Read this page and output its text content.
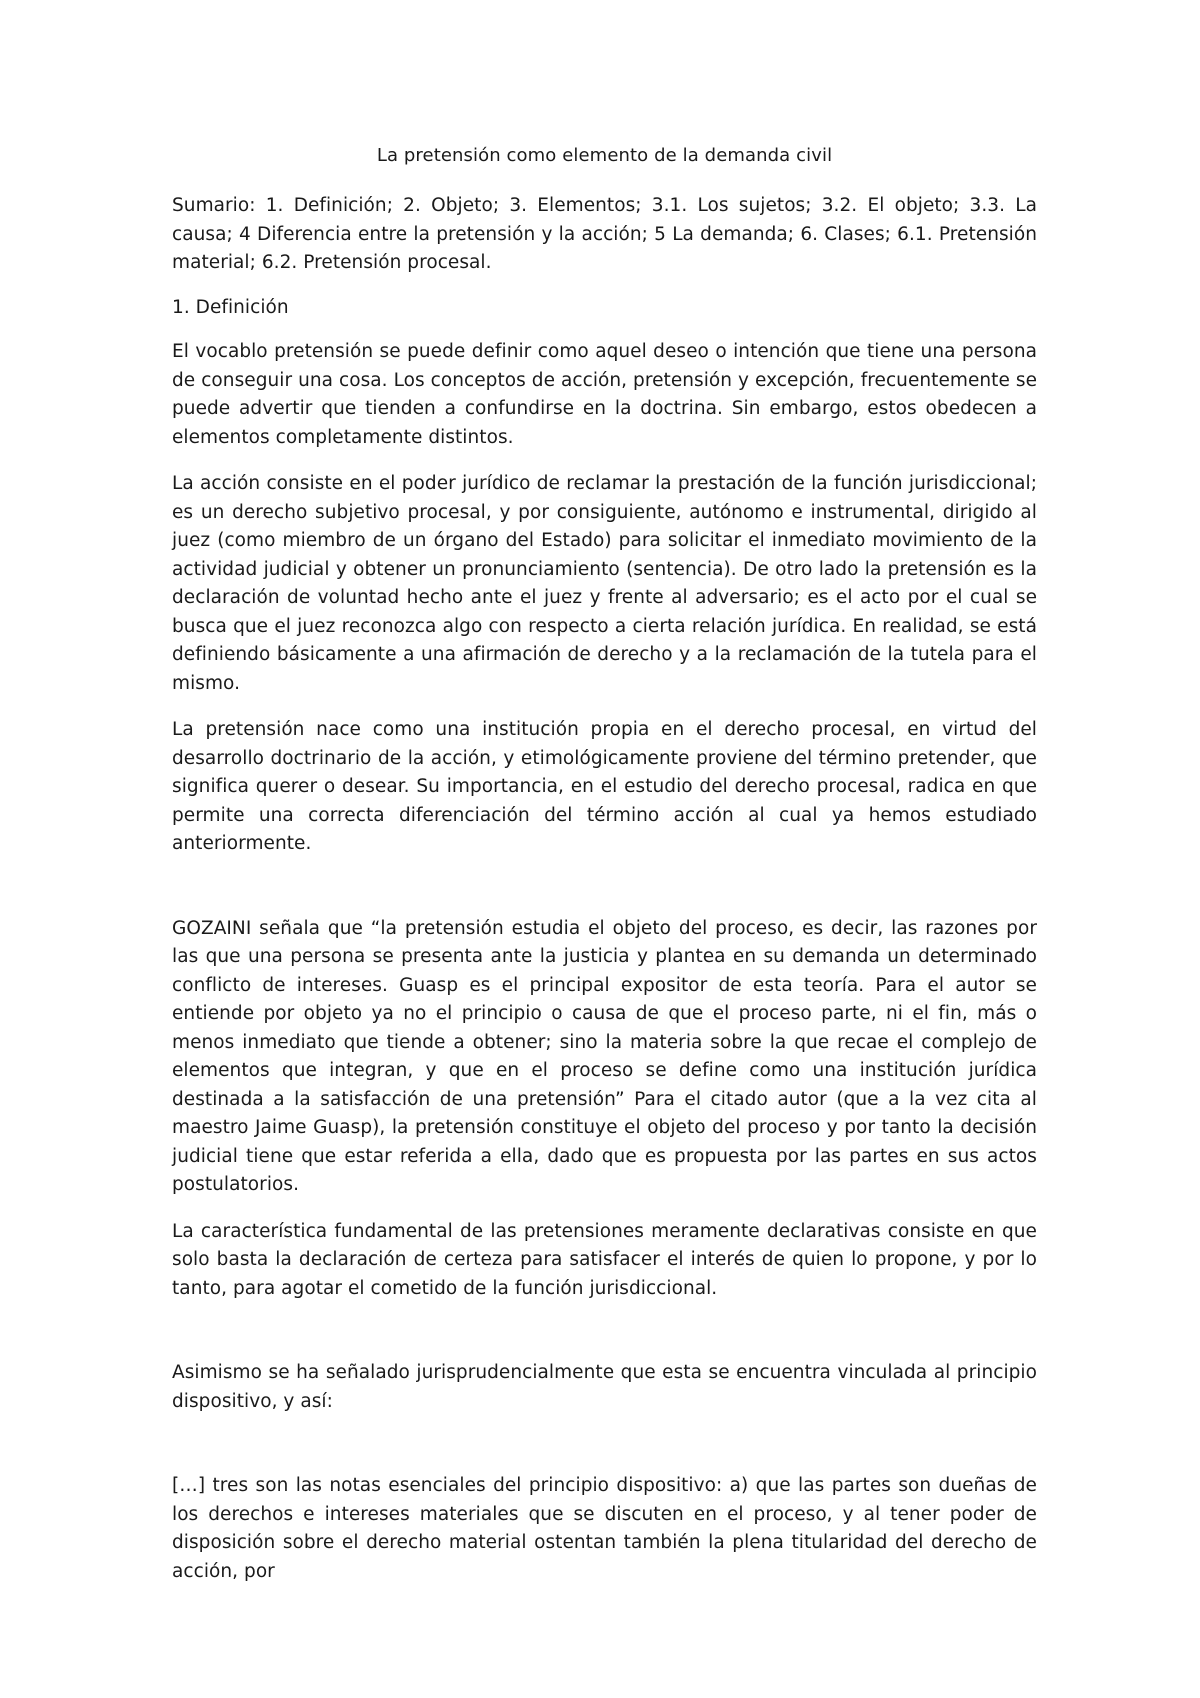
La pretensión como elemento de la demanda civil

Sumario: 1. Definición; 2. Objeto; 3. Elementos; 3.1. Los sujetos; 3.2. El objeto; 3.3. La causa; 4 Diferencia entre la pretensión y la acción; 5 La demanda; 6. Clases; 6.1. Pretensión material; 6.2. Pretensión procesal.

1. Definición

El vocablo pretensión se puede definir como aquel deseo o intención que tiene una persona de conseguir una cosa. Los conceptos de acción, pretensión y excepción, frecuentemente se puede advertir que tienden a confundirse en la doctrina. Sin embargo, estos obedecen a elementos completamente distintos.

La acción consiste en el poder jurídico de reclamar la prestación de la función jurisdiccional; es un derecho subjetivo procesal, y por consiguiente, autónomo e instrumental, dirigido al juez (como miembro de un órgano del Estado) para solicitar el inmediato movimiento de la actividad judicial y obtener un pronunciamiento (sentencia). De otro lado la pretensión es la declaración de voluntad hecho ante el juez y frente al adversario; es el acto por el cual se busca que el juez reconozca algo con respecto a cierta relación jurídica. En realidad, se está definiendo básicamente a una afirmación de derecho y a la reclamación de la tutela para el mismo.

La pretensión nace como una institución propia en el derecho procesal, en virtud del desarrollo doctrinario de la acción, y etimológicamente proviene del término pretender, que significa querer o desear. Su importancia, en el estudio del derecho procesal, radica en que permite una correcta diferenciación del término acción al cual ya hemos estudiado anteriormente.

GOZAINI señala que “la pretensión estudia el objeto del proceso, es decir, las razones por las que una persona se presenta ante la justicia y plantea en su demanda un determinado conflicto de intereses. Guasp es el principal expositor de esta teoría. Para el autor se entiende por objeto ya no el principio o causa de que el proceso parte, ni el fin, más o menos inmediato que tiende a obtener; sino la materia sobre la que recae el complejo de elementos que integran, y que en el proceso se define como una institución jurídica destinada a la satisfacción de una pretensión” Para el citado autor (que a la vez cita al maestro Jaime Guasp), la pretensión constituye el objeto del proceso y por tanto la decisión judicial tiene que estar referida a ella, dado que es propuesta por las partes en sus actos postulatorios.

La característica fundamental de las pretensiones meramente declarativas consiste en que solo basta la declaración de certeza para satisfacer el interés de quien lo propone, y por lo tanto, para agotar el cometido de la función jurisdiccional.

Asimismo se ha señalado jurisprudencialmente que esta se encuentra vinculada al principio dispositivo, y así:

[…] tres son las notas esenciales del principio dispositivo: a) que las partes son dueñas de los derechos e intereses materiales que se discuten en el proceso, y al tener poder de disposición sobre el derecho material ostentan también la plena titularidad del derecho de acción, por
